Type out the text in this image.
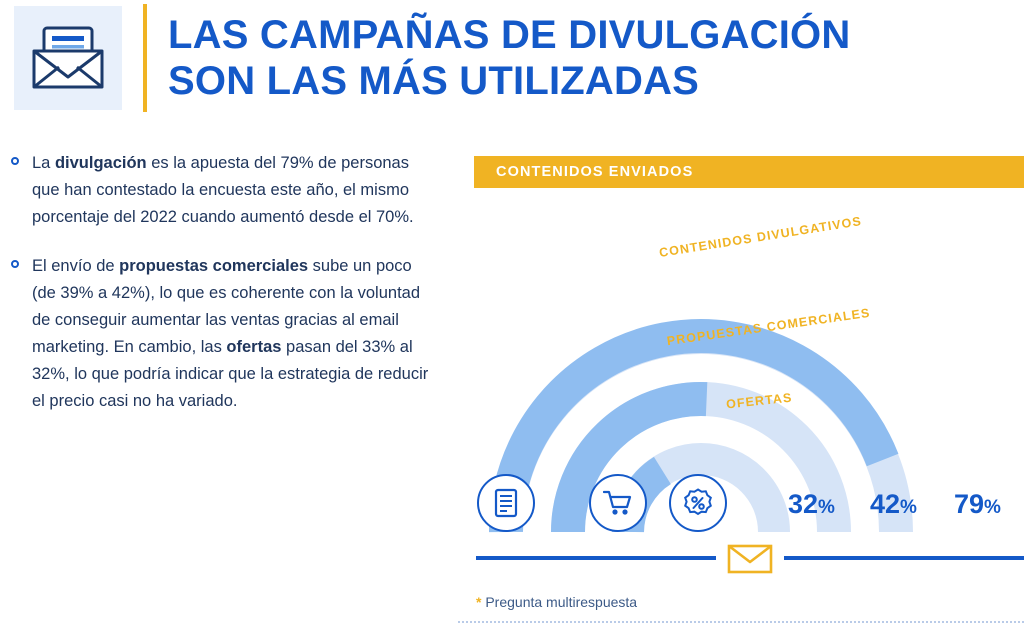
LAS CAMPAÑAS DE DIVULGACIÓN
SON LAS MÁS UTILIZADAS
La divulgación es la apuesta del 79% de personas que han contestado la encuesta este año, el mismo porcentaje del 2022 cuando aumentó desde el 70%.
El envío de propuestas comerciales sube un poco (de 39% a 42%), lo que es coherente con la voluntad de conseguir aumentar las ventas gracias al email marketing. En cambio, las ofertas pasan del 33% al 32%, lo que podría indicar que la estrategia de reducir el precio casi no ha variado.
CONTENIDOS ENVIADOS
CONTENIDOS DIVULGATIVOS
PROPUESTAS COMERCIALES
OFERTAS
32% 42% 79%
* Pregunta multirespuesta
